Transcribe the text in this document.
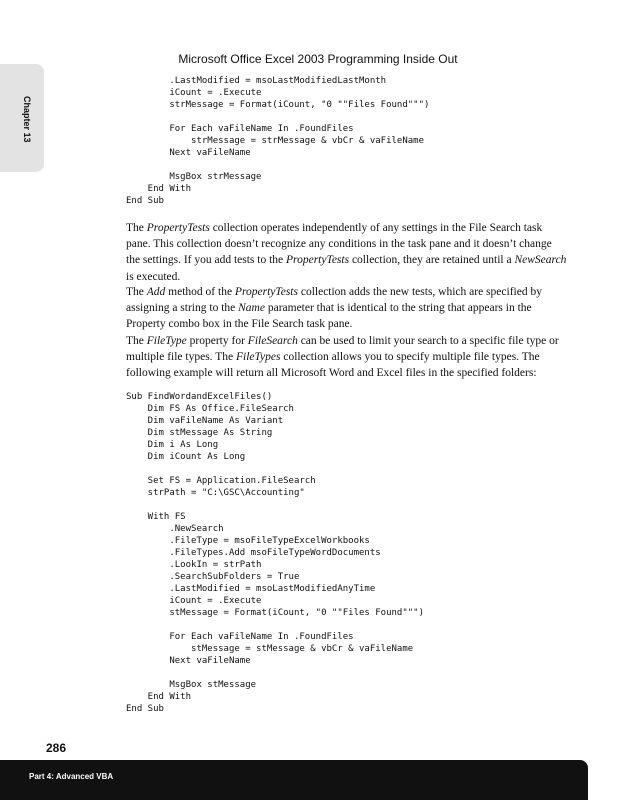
Microsoft Office Excel 2003 Programming Inside Out
Chapter 13
.LastModified = msoLastModifiedLastMonth
iCount = .Execute
strMessage = Format(iCount, "0 ""Files Found""")

For Each vaFileName In .FoundFiles
strMessage = strMessage & vbCr & vaFileName
Next vaFileName

MsgBox strMessage
End With
End Sub

The PropertyTests collection operates independently of any settings in the File Search task pane. This collection doesn’t recognize any conditions in the task pane and it doesn’t change the settings. If you add tests to the PropertyTests collection, they are retained until a NewSearch is executed.

The Add method of the PropertyTests collection adds the new tests, which are specified by assigning a string to the Name parameter that is identical to the string that appears in the Property combo box in the File Search task pane.

The FileType property for FileSearch can be used to limit your search to a specific file type or multiple file types. The FileTypes collection allows you to specify multiple file types. The following example will return all Microsoft Word and Excel files in the specified folders:

Sub FindWordandExcelFiles()
Dim FS As Office.FileSearch
Dim vaFileName As Variant
Dim stMessage As String
Dim i As Long
Dim iCount As Long

Set FS = Application.FileSearch
strPath = "C:\GSC\Accounting"

With FS
.NewSearch
.FileType = msoFileTypeExcelWorkbooks
.FileTypes.Add msoFileTypeWordDocuments
.LookIn = strPath
.SearchSubFolders = True
.LastModified = msoLastModifiedAnyTime
iCount = .Execute
stMessage = Format(iCount, "0 ""Files Found""")

For Each vaFileName In .FoundFiles
stMessage = stMessage & vbCr & vaFileName
Next vaFileName

MsgBox stMessage
End With
End Sub
286
Part 4: Advanced VBA
